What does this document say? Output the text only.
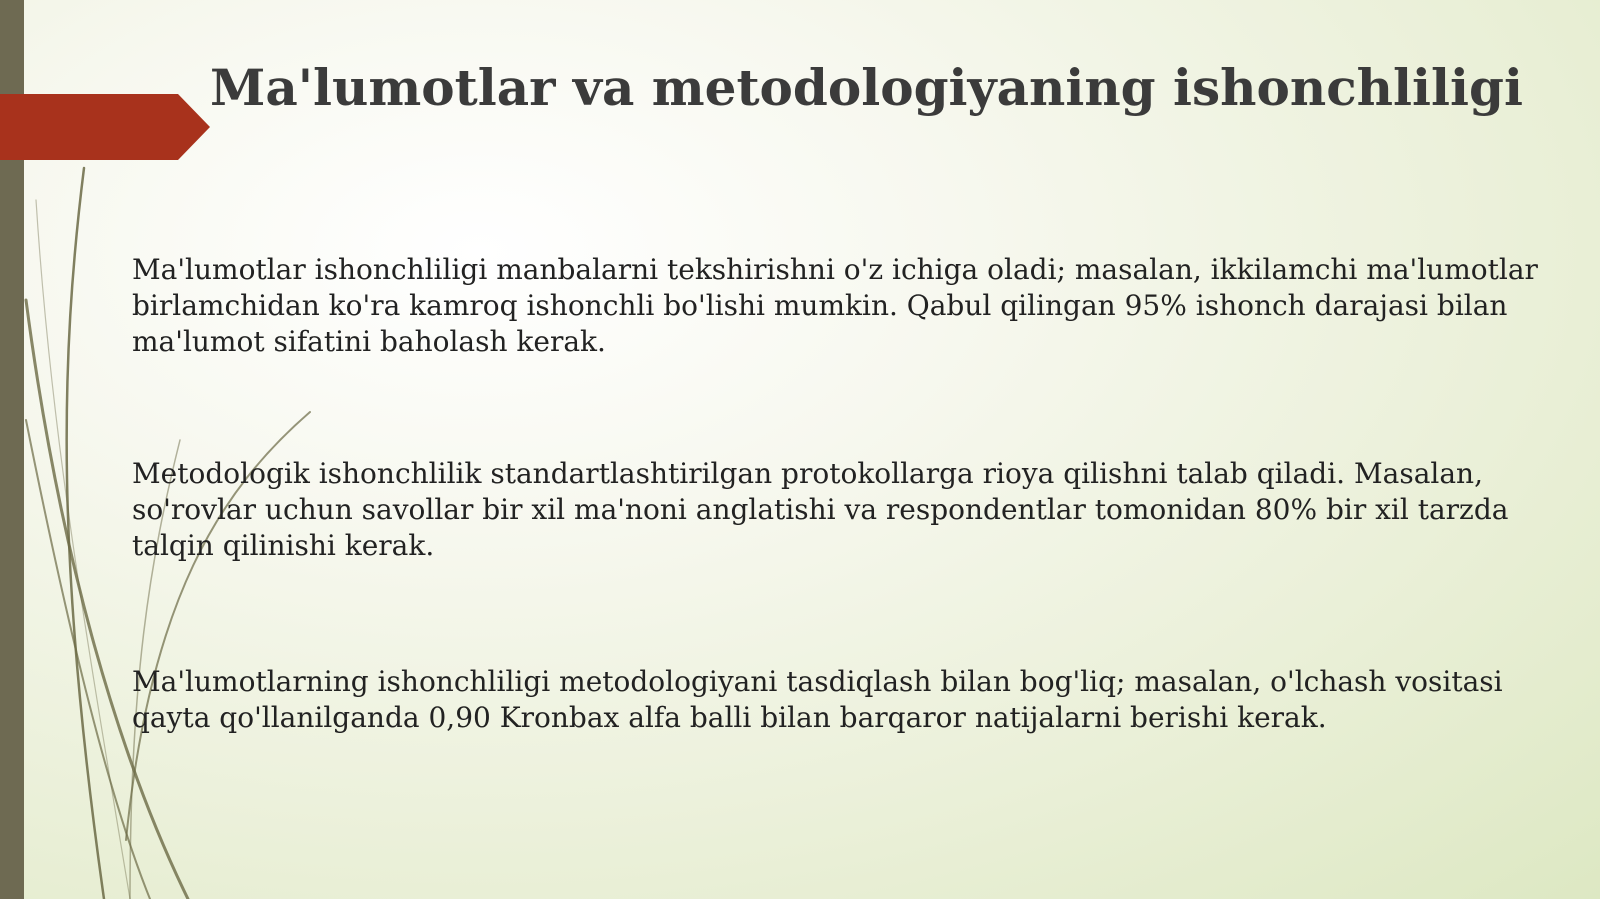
Ma'lumotlar va metodologiyaning ishonchliligi

Ma'lumotlar ishonchliligi manbalarni tekshirishni o'z ichiga oladi; masalan, ikkilamchi ma'lumotlar birlamchidan ko'ra kamroq ishonchli bo'lishi mumkin. Qabul qilingan 95% ishonch darajasi bilan ma'lumot sifatini baholash kerak.

Metodologik ishonchlilik standartlashtirilgan protokollarga rioya qilishni talab qiladi. Masalan, so'rovlar uchun savollar bir xil ma'noni anglatishi va respondentlar tomonidan 80% bir xil tarzda talqin qilinishi kerak.

Ma'lumotlarning ishonchliligi metodologiyani tasdiqlash bilan bog'liq; masalan, o'lchash vositasi qayta qo'llanilganda 0,90 Kronbax alfa balli bilan barqaror natijalarni berishi kerak.
